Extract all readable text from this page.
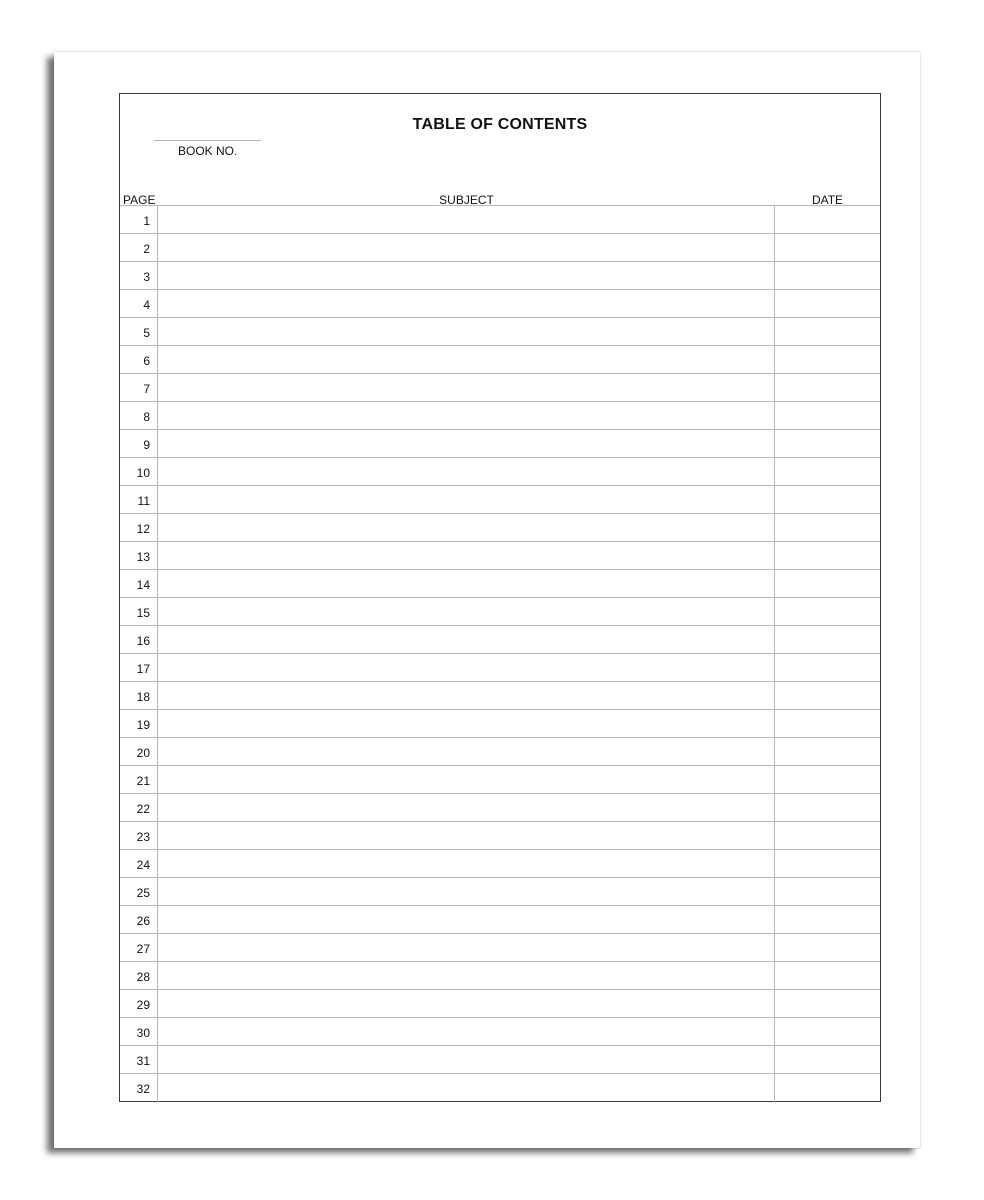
TABLE OF CONTENTS
BOOK NO.
PAGE	SUBJECT	DATE
1
2
3
4
5
6
7
8
9
10
11
12
13
14
15
16
17
18
19
20
21
22
23
24
25
26
27
28
29
30
31
32
